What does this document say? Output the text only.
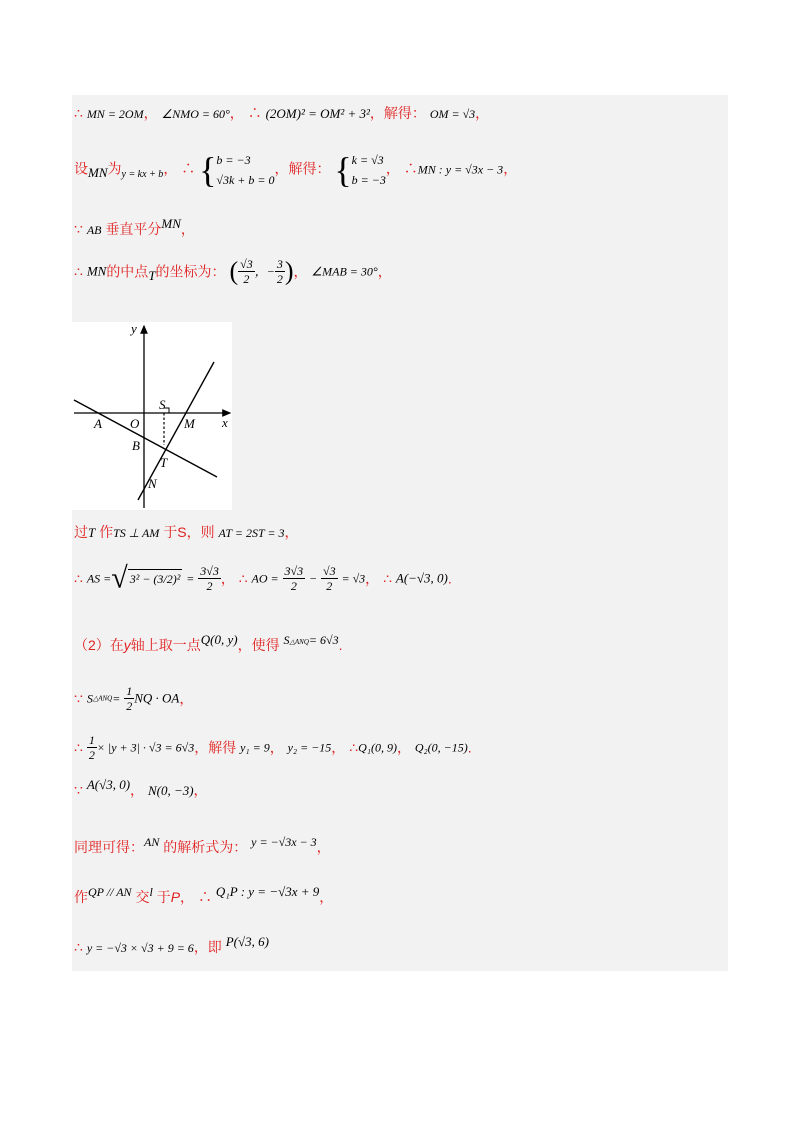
∴ MN = 2OM， ∠NMO = 60°， ∴ (2OM)² = OM² + 3²，解得： OM = √3，
设MN为$_{y = kx + b}$， ∴ { b = −3
√3k + b = 0
，解得： { k = √3
b = −3
， ∴MN : y = √3x − 3，
∵ AB 垂直平分MN，
∴ MN的中点T的坐标为： ( $\frac{√3}{2}$ ，− $\frac{3}{2}$ )， ∠MAB = 30°，
y
x
S
A O	M
B
T
N
过T 作TS ⊥ AM 于S，则 AT = 2ST = 3，
∴ AS =√ $3^2 - (3/2)^2 = \frac{3√3}{2}$ ， ∴ AO = $\frac{3√3}{2} - \frac{√3}{2} = √3$， ∴ A(−√3, 0).
（2）在y轴上取一点Q(0, y)，使得 $S^{\triangle ANQ}= 6√3$.
∵ S△ANQ= $\frac{1}{2}$ NQ · OA，
∴ $\frac{1}{2} \times |y + 3| \cdot √3 = 6√3$，解得 y₁ = 9， y₂ = −15， ∴Q₁(0, 9)， Q₂(0, −15).
∵ A(√3, 0)， N(0, −3)，
同理可得：AN 的解析式为： y = −√3x − 3，
作QP // AN 交l 于P， ∴ Q₁P : y = −√3x + 9，
∴ y = −√3 × √3 + 9 = 6，即 P(√3, 6)
